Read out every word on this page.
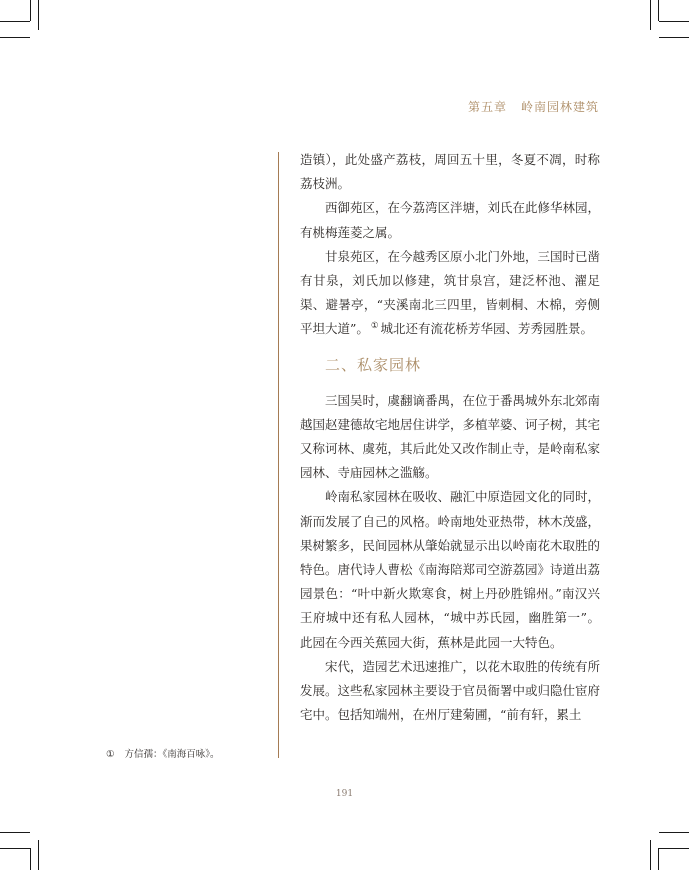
第五章 岭南园林建筑

造镇），此处盛产荔枝，周回五十里，冬夏不凋，时称荔枝洲。

西御苑区，在今荔湾区泮塘，刘氏在此修华林园，有桃梅莲菱之属。

甘泉苑区，在今越秀区原小北门外地，三国时已凿有甘泉，刘氏加以修建，筑甘泉宫，建泛杯池、濯足渠、避暑亭，“夹溪南北三四里，皆刺桐、木棉，旁侧平坦大道”。 ① 城北还有流花桥芳华园、芳秀园胜景。

二、私家园林

三国吴时，虞翻谪番禺，在位于番禺城外东北郊南越国赵建德故宅地居住讲学，多植苹婆、诃子树，其宅又称诃林、虞苑，其后此处又改作制止寺，是岭南私家园林、寺庙园林之滥觞。

岭南私家园林在吸收、融汇中原造园文化的同时，渐而发展了自己的风格。岭南地处亚热带，林木茂盛，果树繁多，民间园林从肇始就显示出以岭南花木取胜的特色。唐代诗人曹松《南海陪郑司空游荔园》诗道出荔园景色：“叶中新火欺寒食，树上丹砂胜锦州。”南汉兴王府城中还有私人园林，“城中苏氏园，幽胜第一”。此园在今西关蕉园大街，蕉林是此园一大特色。

宋代，造园艺术迅速推广，以花木取胜的传统有所发展。这些私家园林主要设于官员衙署中或归隐仕宦府宅中。包括知端州，在州厅建菊圃，“前有轩，累土

① 方信孺：《南海百咏》。
191
